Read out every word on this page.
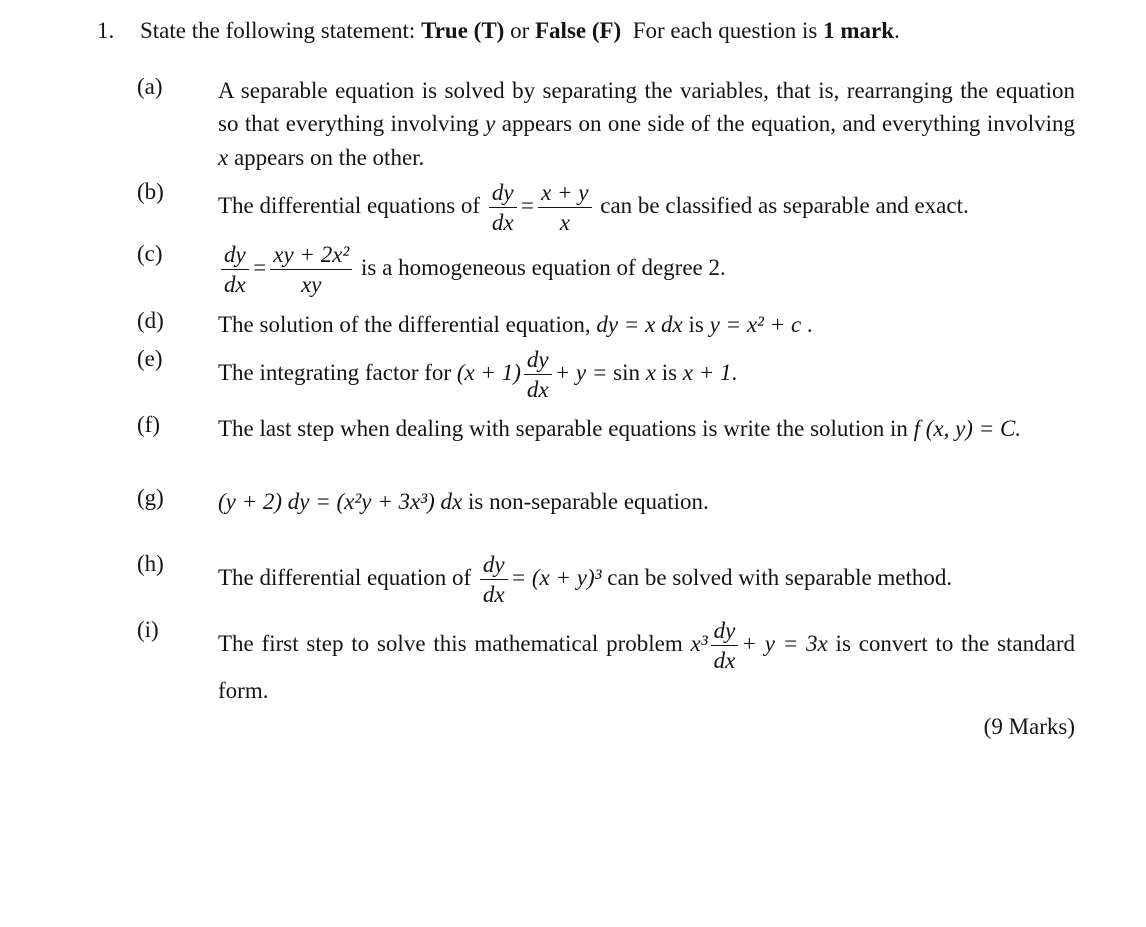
1.	State the following statement: True (T) or False (F)  For each question is 1 mark.
(a)	A separable equation is solved by separating the variables, that is, rearranging the equation so that everything involving y appears on one side of the equation, and everything involving x appears on the other.
(b)
The differential equations of $\frac{dy}{dx} = \frac{x + y}{x}$ can be classified as separable and exact.
(c)	$\frac{dy}{dx} = \frac{\text{xy + 2x²}}{xy}$ is a homogeneous equation of degree 2.
(d)	The solution of the differential equation, dy = x dx is y = x² + c .
(e)
The integrating factor for $(x + 1) \frac{dy}{dx} + y = \sin x$ is x + 1.
(f)	The last step when dealing with separable equations is write the solution in f (x, y) = C.
(g)	(y + 2) dy = (x²y + 3x³) dx is non-separable equation.
(h)
The differential equation of $\frac{dy}{dx} = (x + y)^3$ can be solved with separable method.
(i)
The first step to solve this mathematical problem $x^3 \frac{dy}{dx} + y = 3x$ is convert to the standard form.
(9 Marks)
